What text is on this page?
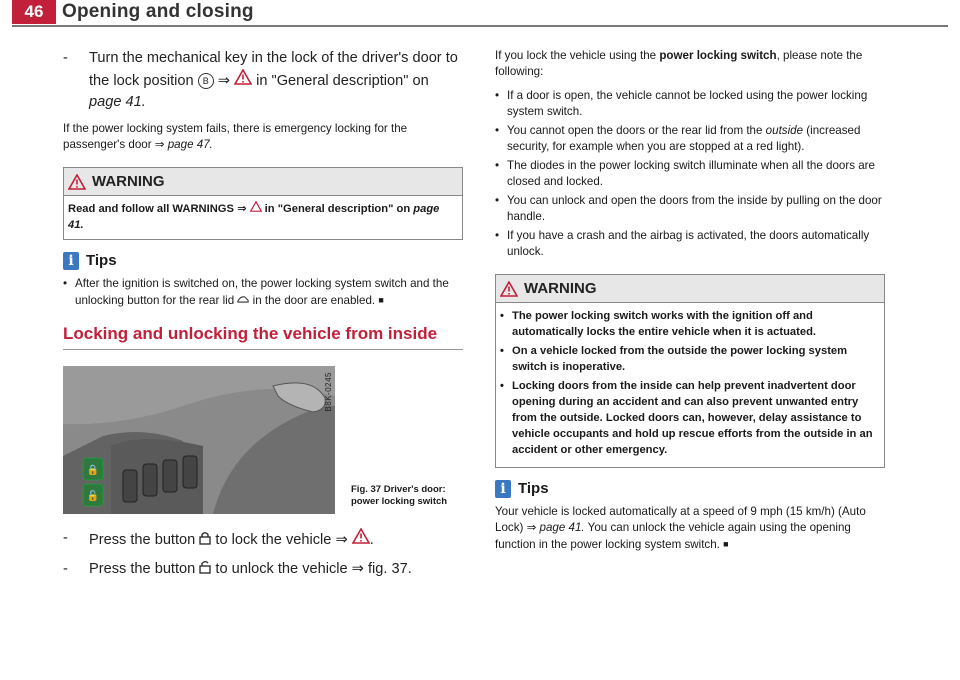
46 Opening and closing
- Turn the mechanical key in the lock of the driver's door to
the lock position B ⇒  in "General description" on
page 41.

If the power locking system fails, there is emergency locking for the passenger's door ⇒ page 47.

WARNING
Read and follow all WARNINGS ⇒  in "General description" on page 41.
i Tips
• After the ignition is switched on, the power locking system switch and the unlocking button for the rear lid  in the door are enabled. ■
Locking and unlocking the vehicle from inside
🔒
🔓
B8K-0245
Fig. 37 Driver's door:
power locking switch
- Press the button  to lock the vehicle ⇒ .
- Press the button  to unlock the vehicle ⇒ fig. 37.

If you lock the vehicle using the power locking switch, please note the following:

• If a door is open, the vehicle cannot be locked using the power locking system switch.
• You cannot open the doors or the rear lid from the outside (increased security, for example when you are stopped at a red light).
• The diodes in the power locking switch illuminate when all the doors are closed and locked.
• You can unlock and open the doors from the inside by pulling on the door handle.
• If you have a crash and the airbag is activated, the doors automatically unlock.
WARNING
• The power locking switch works with the ignition off and automatically locks the entire vehicle when it is actuated.
• On a vehicle locked from the outside the power locking system switch is inoperative.
• Locking doors from the inside can help prevent inadvertent door opening during an accident and can also prevent unwanted entry from the outside. Locked doors can, however, delay assistance to vehicle occupants and hold up rescue efforts from the outside in an accident or other emergency.
i Tips

Your vehicle is locked automatically at a speed of 9 mph (15 km/h) (Auto Lock) ⇒ page 41. You can unlock the vehicle again using the opening function in the power locking system switch. ■
